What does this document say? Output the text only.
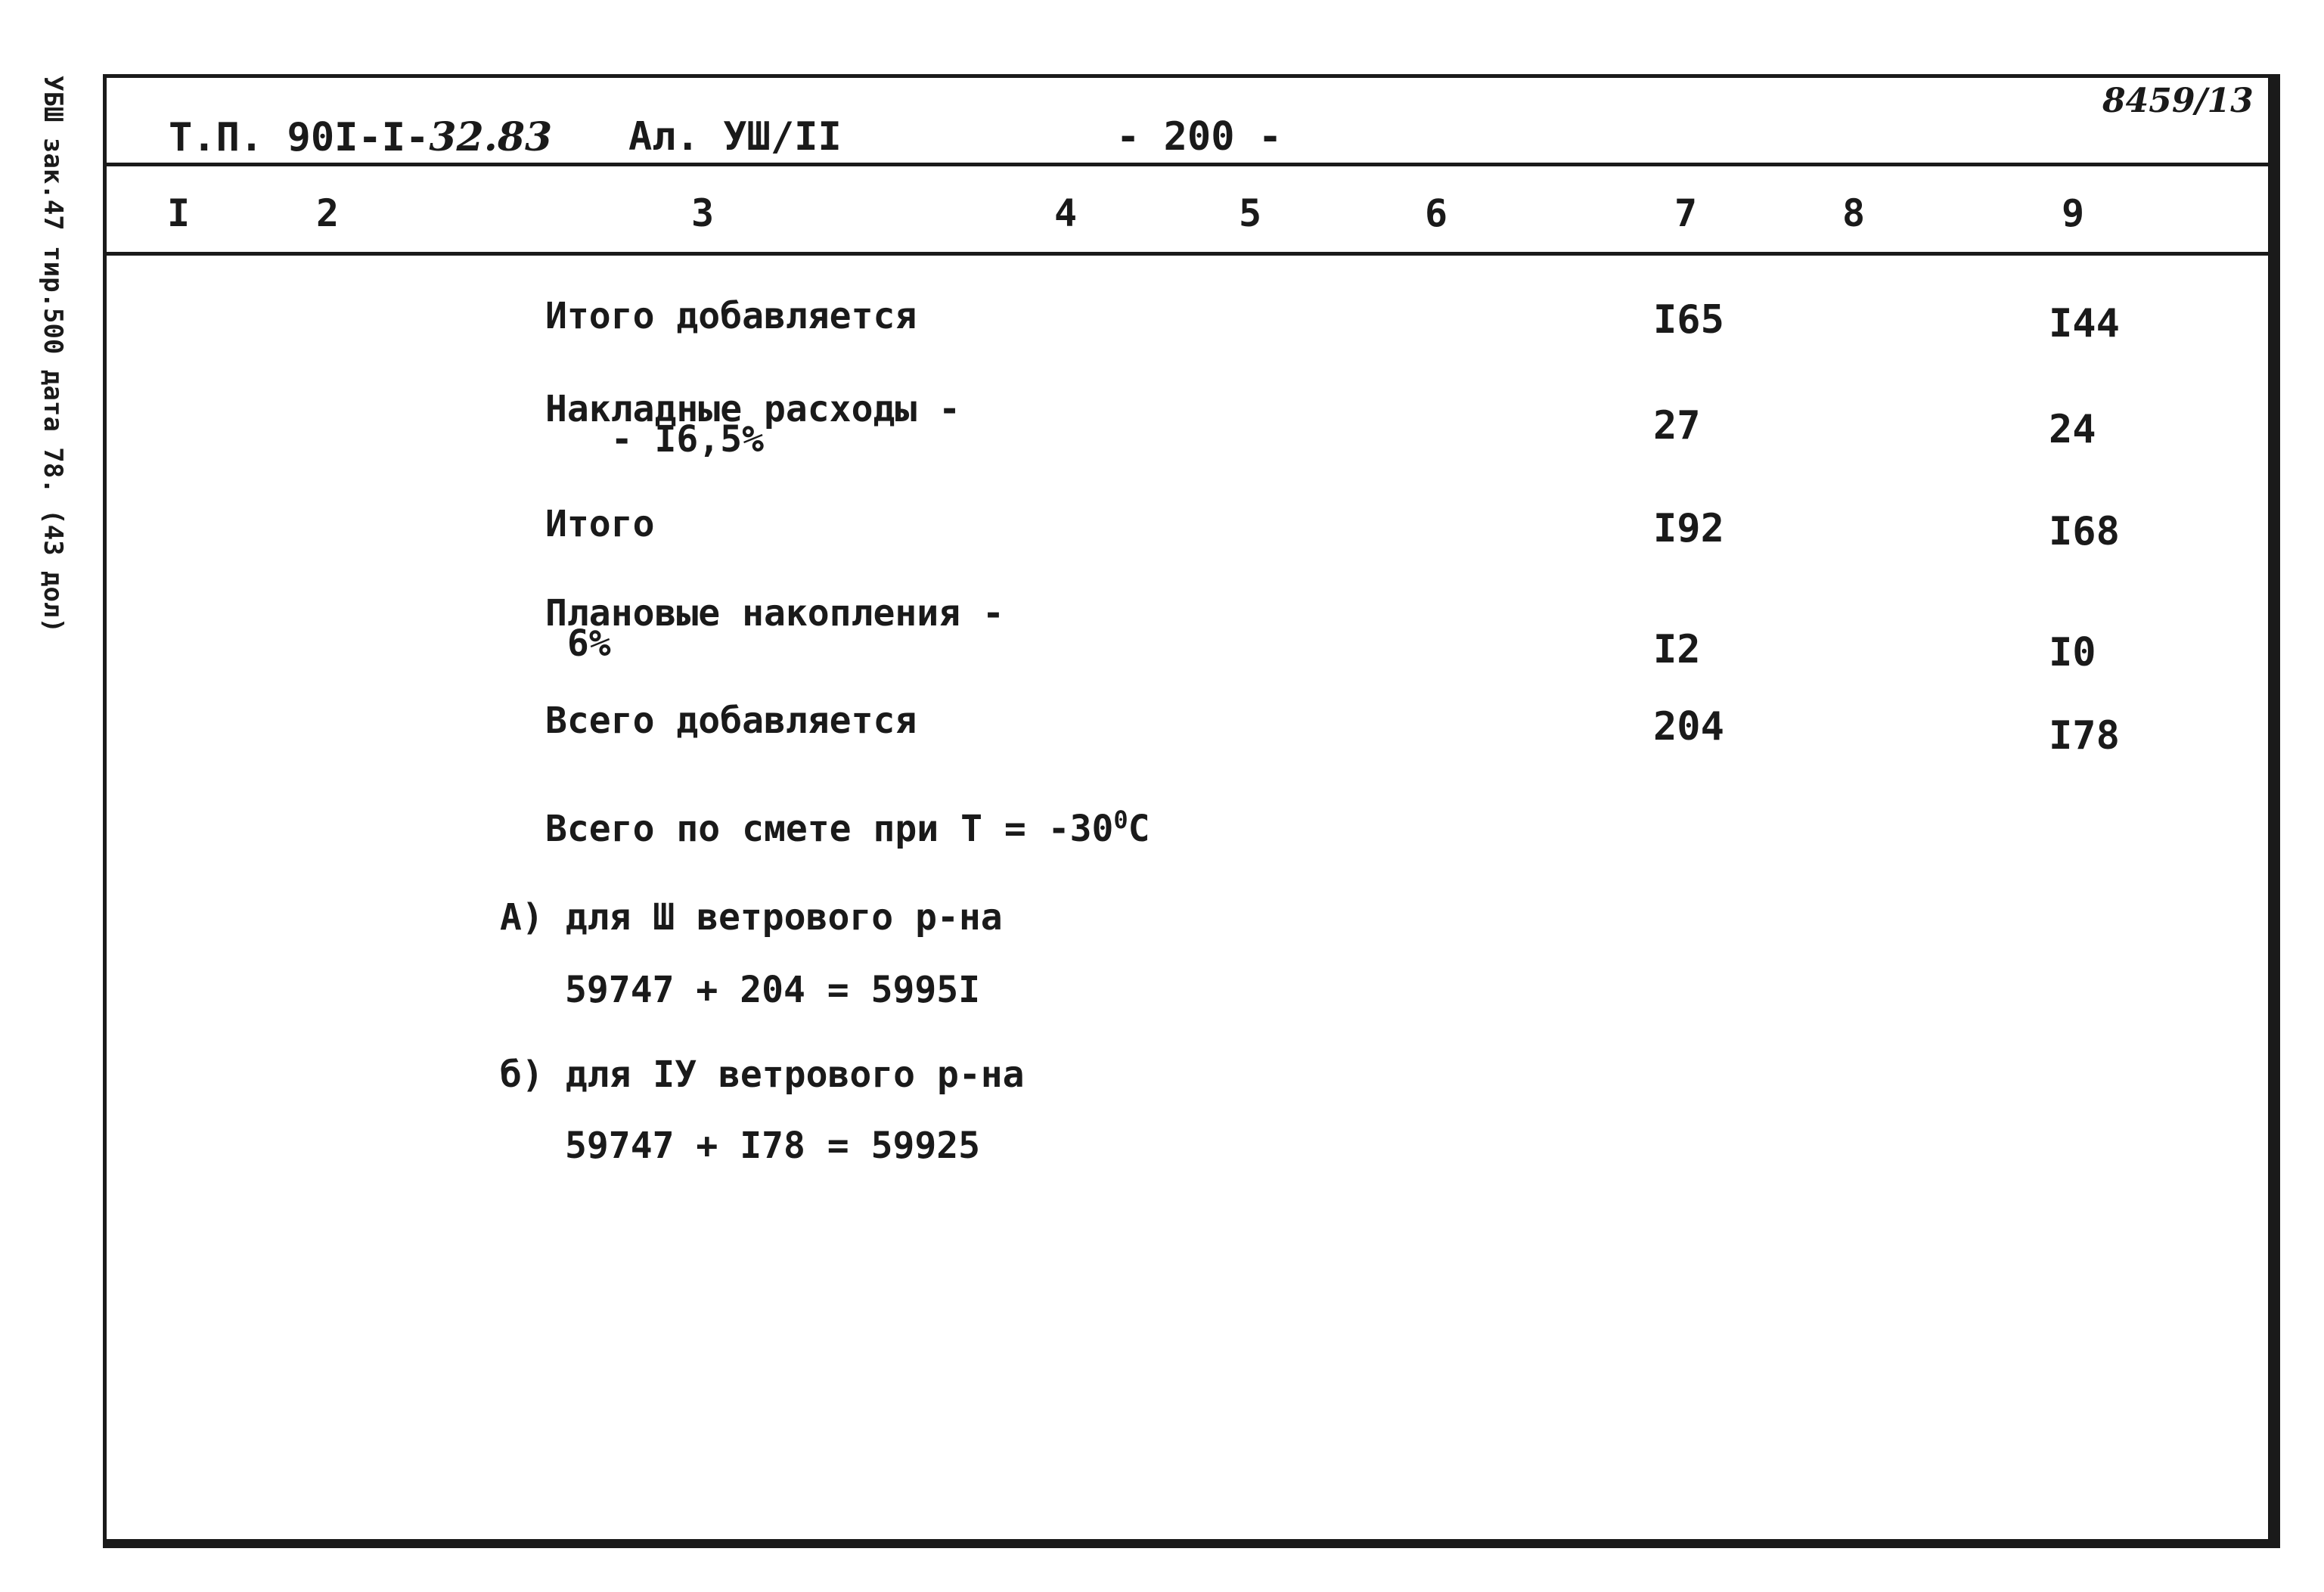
УБШ зак.47 тир.500 дата 78. (43 дол)	8459/13
Т.П. 90I-I-32.83 Ал. УШ/II	- 200 -
I	2	3	4	5	6	7	8	9
Итого добавляется	I65	I44
Накладные расходы -
- I6,5%	27	24
Итого	I92	I68
Плановые накопления -
6%	I2	I0
Всего добавляется	204	I78
Всего по смете при $Т = -30^0С$
А) для Ш ветрового р-на
59747 + 204 = 5995I
б) для IУ ветрового р-на
59747 + I78 = 59925
